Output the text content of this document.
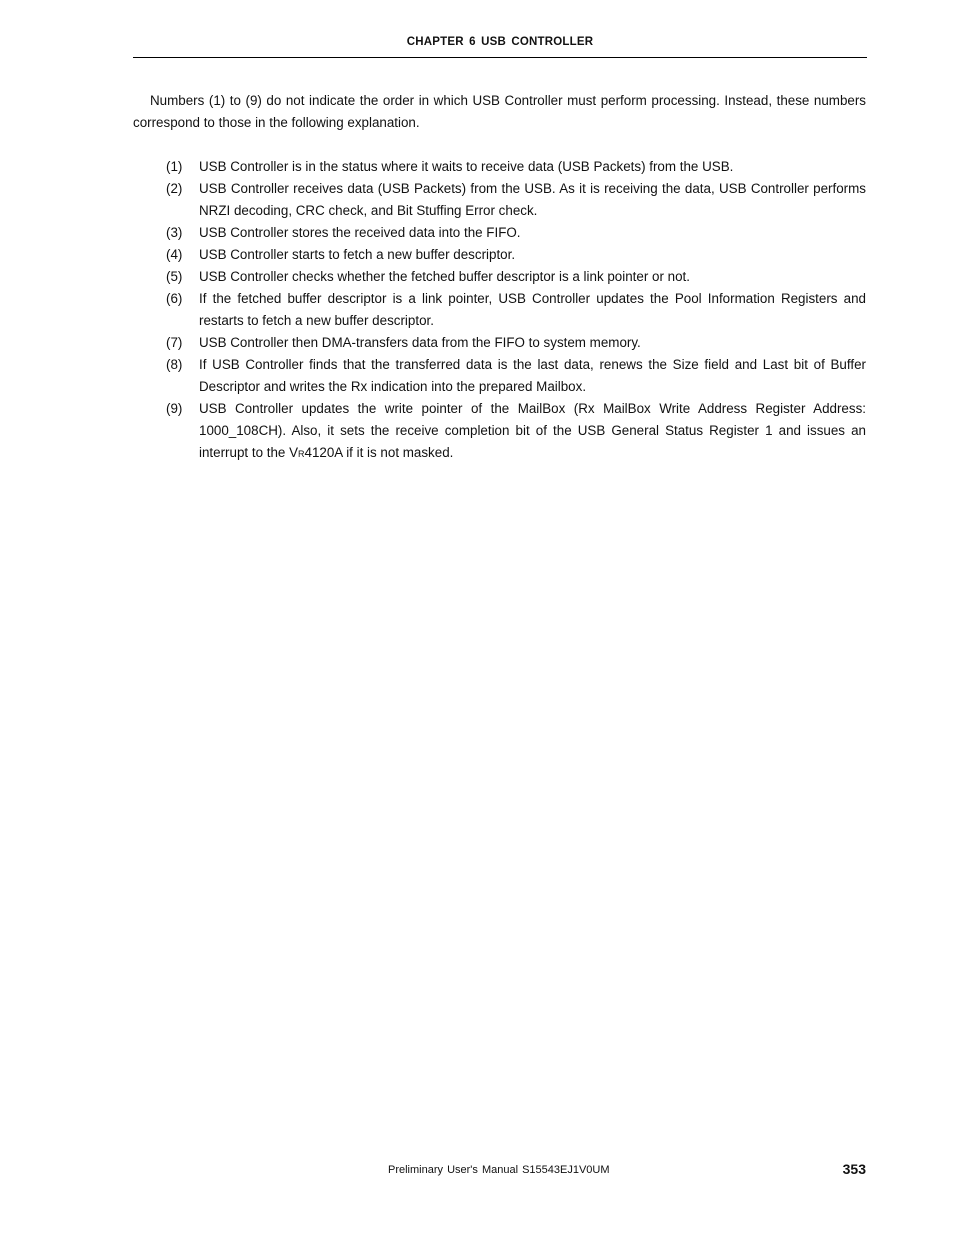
CHAPTER 6 USB CONTROLLER

Numbers (1) to (9) do not indicate the order in which USB Controller must perform processing. Instead, these numbers correspond to those in the following explanation.

(1)	USB Controller is in the status where it waits to receive data (USB Packets) from the USB.
(2)	USB Controller receives data (USB Packets) from the USB. As it is receiving the data, USB Controller performs NRZI decoding, CRC check, and Bit Stuffing Error check.
(3)	USB Controller stores the received data into the FIFO.
(4)	USB Controller starts to fetch a new buffer descriptor.
(5)	USB Controller checks whether the fetched buffer descriptor is a link pointer or not.
(6)	If the fetched buffer descriptor is a link pointer, USB Controller updates the Pool Information Registers and restarts to fetch a new buffer descriptor.
(7)	USB Controller then DMA-transfers data from the FIFO to system memory.
(8)	If USB Controller finds that the transferred data is the last data, renews the Size field and Last bit of Buffer Descriptor and writes the Rx indication into the prepared Mailbox.
(9)	USB Controller updates the write pointer of the MailBox (Rx MailBox Write Address Register Address: 1000_108CH). Also, it sets the receive completion bit of the USB General Status Register 1 and issues an interrupt to the VR4120A if it is not masked.
Preliminary User's Manual S15543EJ1V0UM	353
